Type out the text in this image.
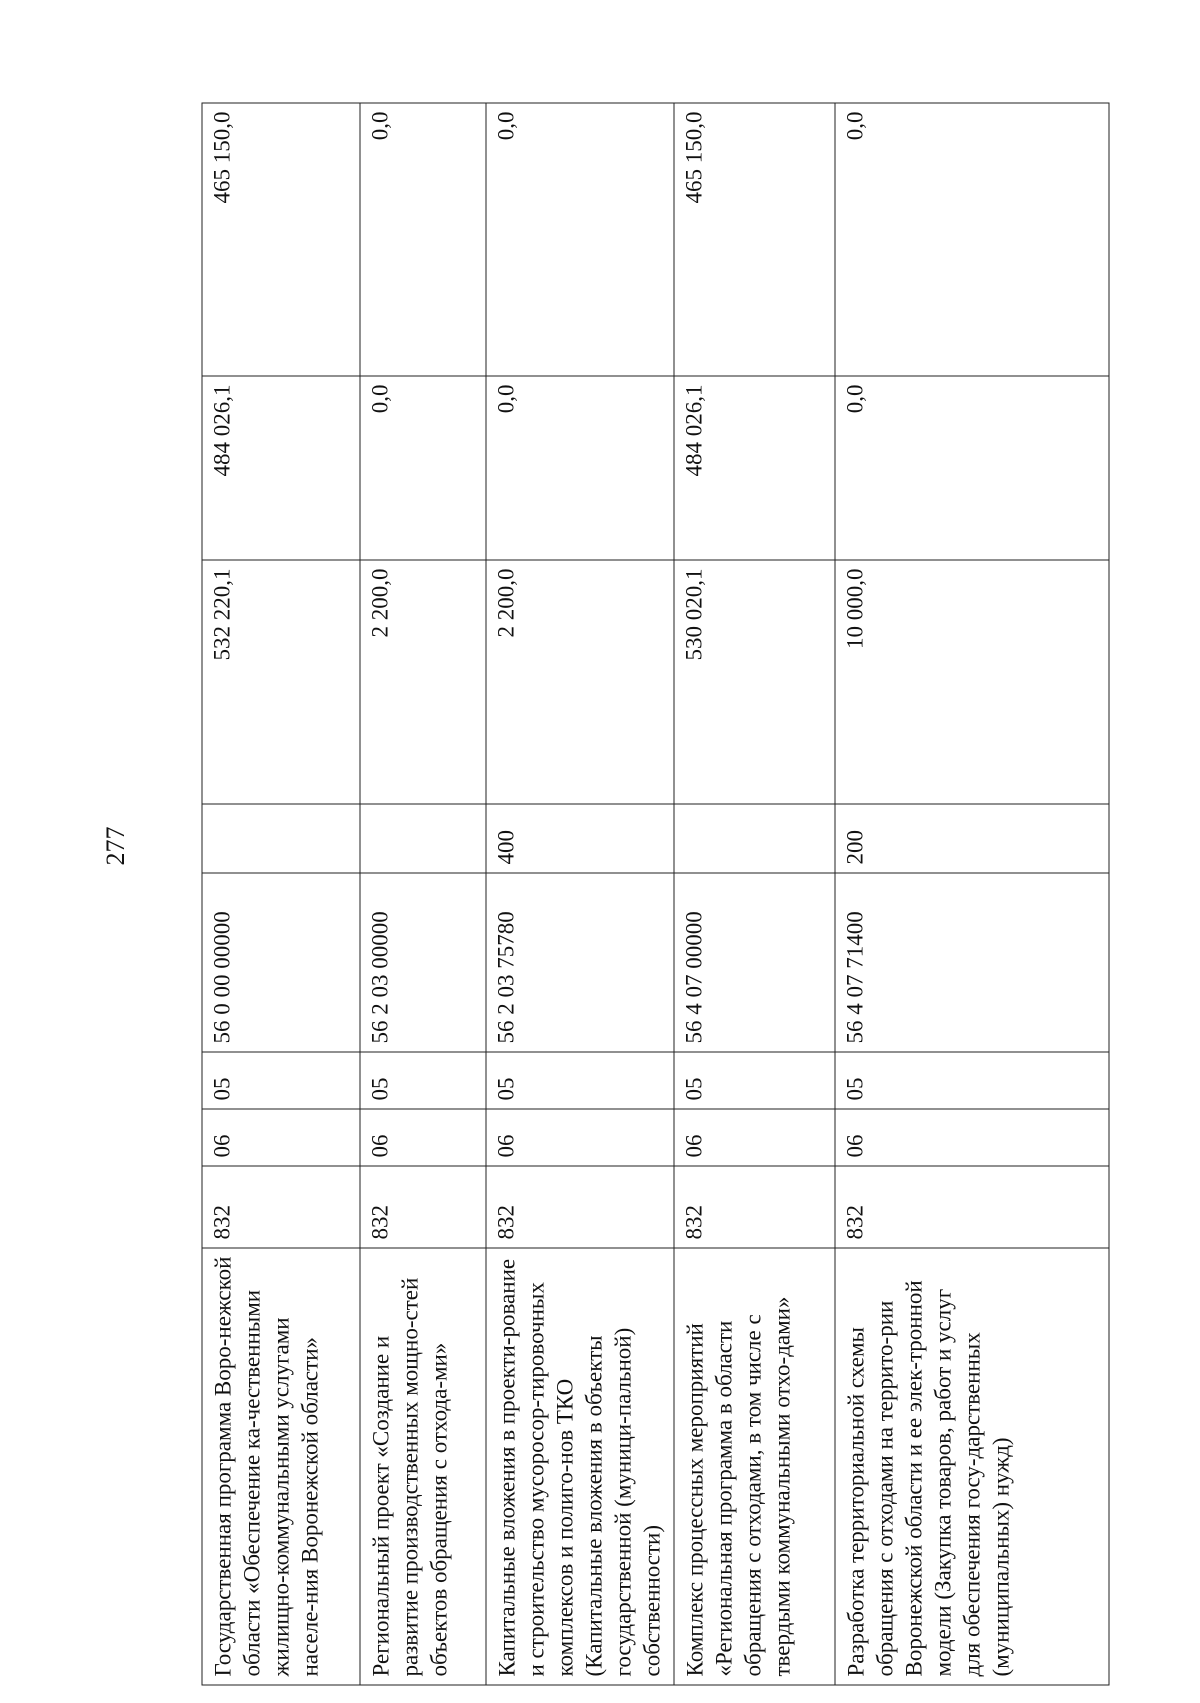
277
Государственная программа Воро-нежской области «Обеспечение ка-чественными жилищно-коммунальными услугами населе-ния Воронежской области»	832	06	05	56 0 00 00000		532 220,1	484 026,1	465 150,0
Региональный проект «Создание и развитие производственных мощно-стей объектов обращения с отхода-ми»	832	06	05	56 2 03 00000		2 200,0	0,0	0,0
Капитальные вложения в проекти-рование и строительство мусоросор-тировочных комплексов и полиго-нов ТКО (Капитальные вложения в объекты государственной (муници-пальной) собственности)	832	06	05	56 2 03 75780	400	2 200,0	0,0	0,0
Комплекс процессных мероприятий «Региональная программа в области обращения с отходами, в том числе с твердыми коммунальными отхо-дами»	832	06	05	56 4 07 00000		530 020,1	484 026,1	465 150,0
Разработка территориальной схемы обращения с отходами на террито-рии Воронежской области и ее элек-тронной модели (Закупка товаров, работ и услуг для обеспечения госу-дарственных (муниципальных) нужд)	832	06	05	56 4 07 71400	200	10 000,0	0,0	0,0
